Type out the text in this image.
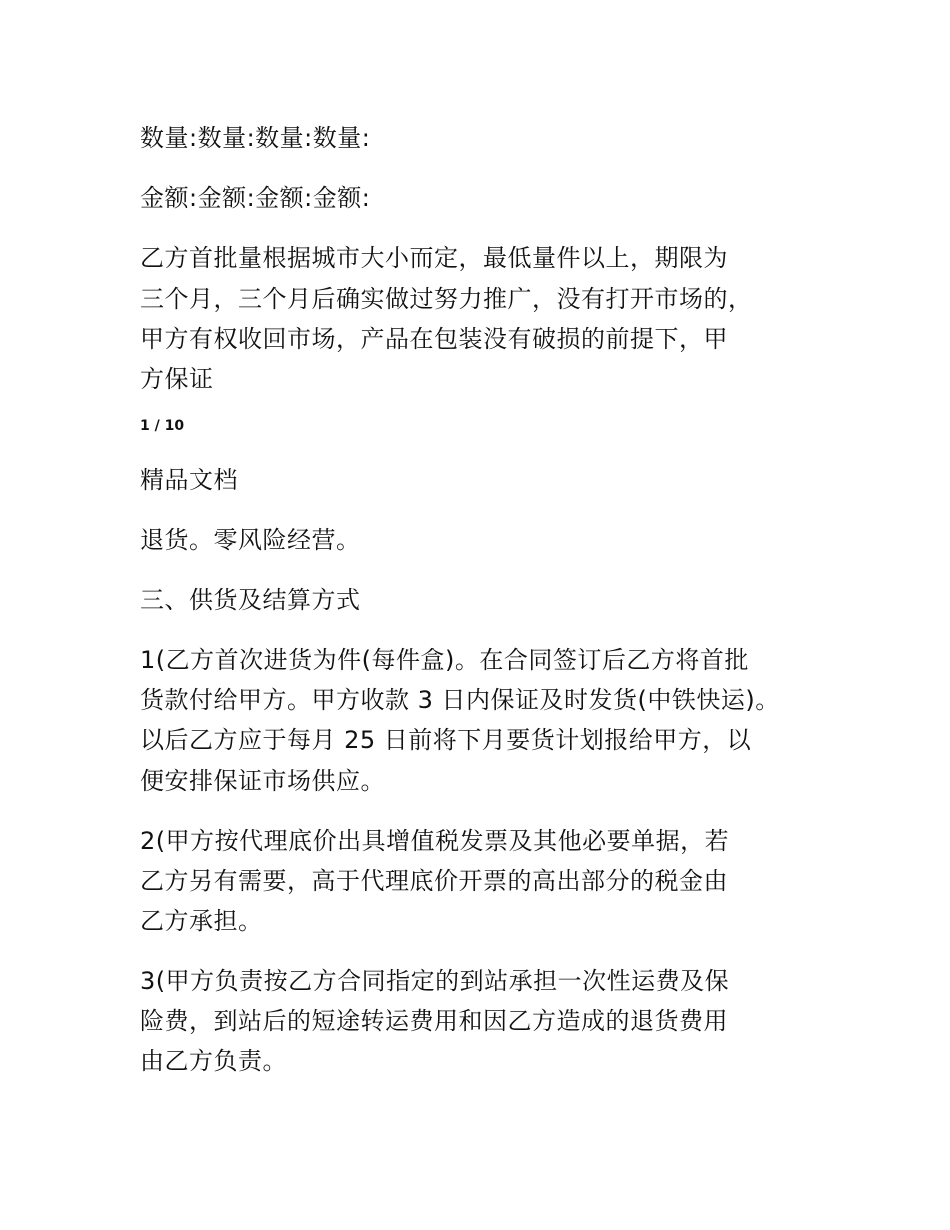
数量:数量:数量:数量:
金额:金额:金额:金额:
乙方首批量根据城市大小而定，最低量件以上，期限为
三个月，三个月后确实做过努力推广，没有打开市场的，
甲方有权收回市场，产品在包装没有破损的前提下，甲
方保证
1 / 10
精品文档
退货。零风险经营。
三、供货及结算方式
1(乙方首次进货为件(每件盒)。在合同签订后乙方将首批
货款付给甲方。甲方收款 3 日内保证及时发货(中铁快运)。
以后乙方应于每月 25 日前将下月要货计划报给甲方，以
便安排保证市场供应。
2(甲方按代理底价出具增值税发票及其他必要单据，若
乙方另有需要，高于代理底价开票的高出部分的税金由
乙方承担。
3(甲方负责按乙方合同指定的到站承担一次性运费及保
险费，到站后的短途转运费用和因乙方造成的退货费用
由乙方负责。
